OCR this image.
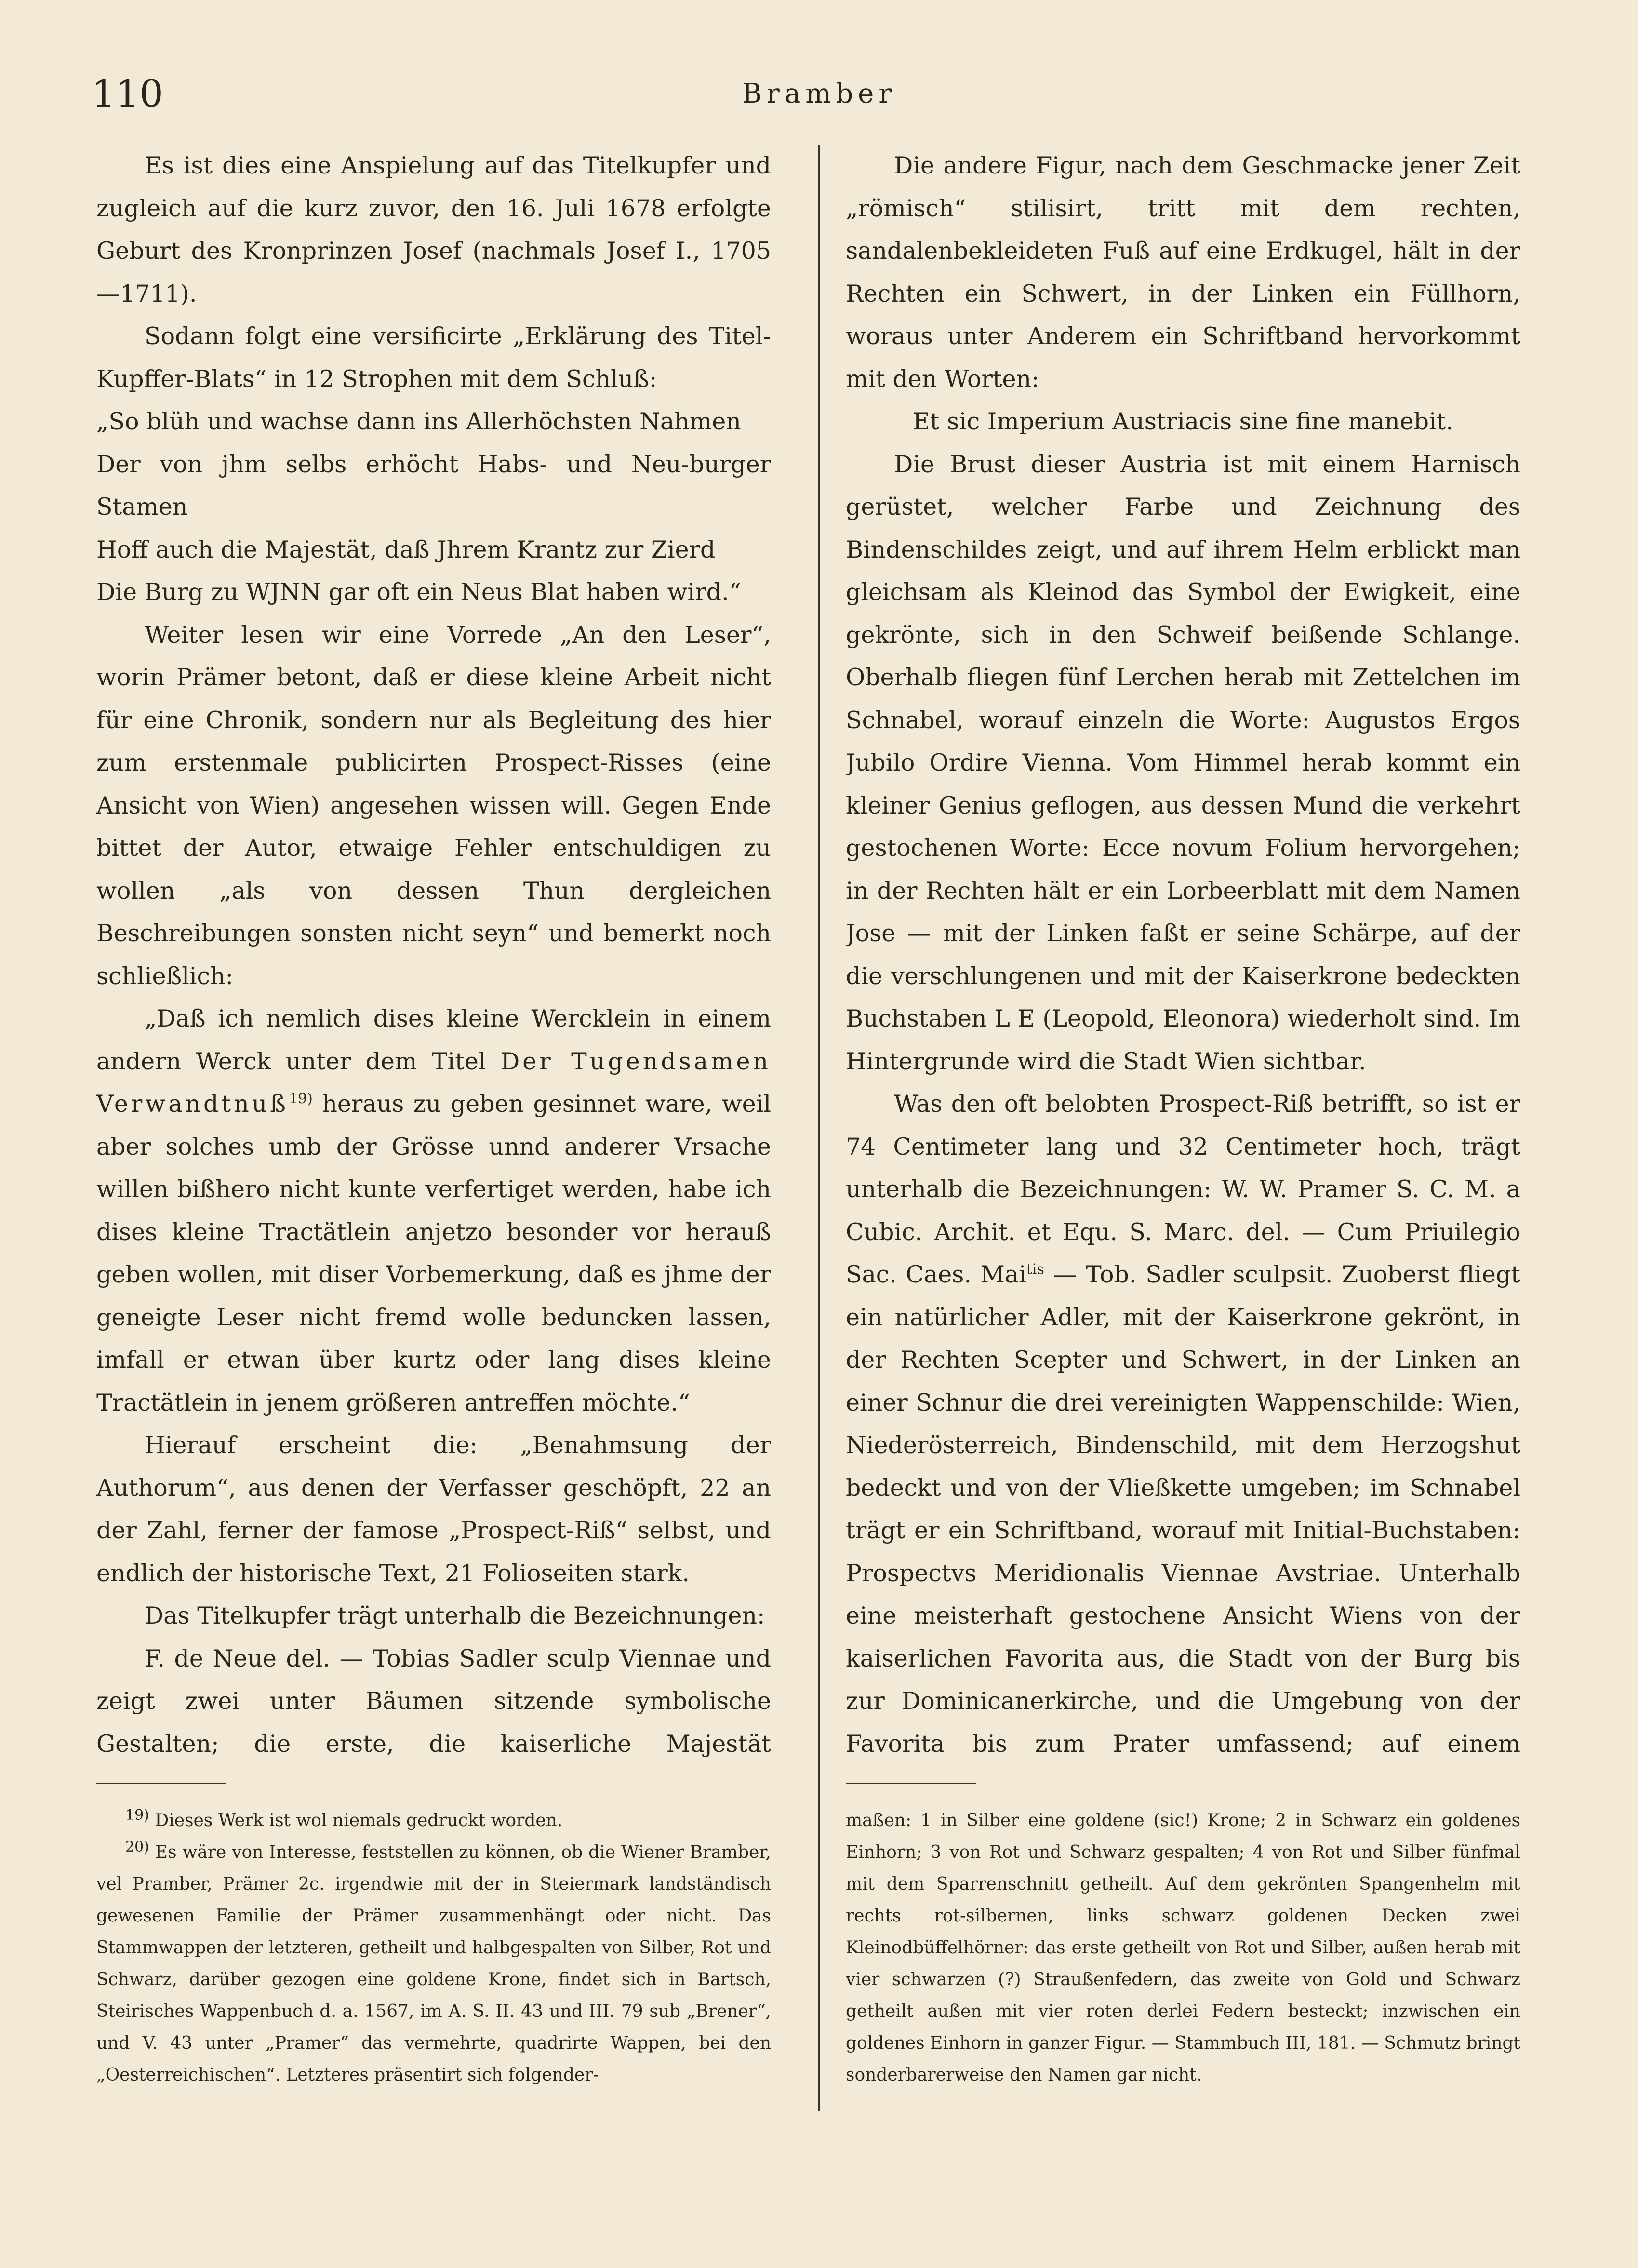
110	Bramber

Es ist dies eine Anspielung auf das Titelkupfer und zugleich auf die kurz zuvor, den 16. Juli 1678 erfolgte Geburt des Kronprinzen Josef (nachmals Josef I., 1705—1711).

Sodann folgt eine versificirte „Erklärung des Titel-Kupffer-Blats“ in 12 Strophen mit dem Schluß:

„So blüh und wachse dann ins Allerhöchsten Nahmen

Der von jhm selbs erhöcht Habs- und Neu-burger Stamen

Hoff auch die Majestät, daß Jhrem Krantz zur Zierd

Die Burg zu WJNN gar oft ein Neus Blat haben wird.“

Weiter lesen wir eine Vorrede „An den Leser“, worin Prämer betont, daß er diese kleine Arbeit nicht für eine Chronik, sondern nur als Begleitung des hier zum erstenmale publicirten Prospect-Risses (eine Ansicht von Wien) angesehen wissen will. Gegen Ende bittet der Autor, etwaige Fehler entschuldigen zu wollen „als von dessen Thun dergleichen Beschreibungen sonsten nicht seyn“ und bemerkt noch schließlich:

„Daß ich nemlich dises kleine Wercklein in einem andern Werck unter dem Titel Der Tugendsamen Verwandtnuß$^{19)}$ heraus zu geben gesinnet ware, weil aber solches umb der Grösse unnd anderer Vrsache willen bißhero nicht kunte verfertiget werden, habe ich dises kleine Tractätlein anjetzo besonder vor herauß geben wollen, mit diser Vorbemerkung, daß es jhme der geneigte Leser nicht fremd wolle beduncken lassen, imfall er etwan über kurtz oder lang dises kleine Tractätlein in jenem größeren antreffen möchte.“

Hierauf erscheint die: „Benahmsung der Authorum“, aus denen der Verfasser geschöpft, 22 an der Zahl, ferner der famose „Prospect-Riß“ selbst, und endlich der historische Text, 21 Folioseiten stark.

Das Titelkupfer trägt unterhalb die Bezeichnungen:

F. de Neue del. — Tobias Sadler sculp Viennae und zeigt zwei unter Bäumen sitzende symbolische Gestalten; die erste, die kaiserliche Majestät

Die andere Figur, nach dem Geschmacke jener Zeit „römisch“ stilisirt, tritt mit dem rechten, sandalenbekleideten Fuß auf eine Erdkugel, hält in der Rechten ein Schwert, in der Linken ein Füllhorn, woraus unter Anderem ein Schriftband hervorkommt mit den Worten:

Et sic Imperium Austriacis sine fine manebit.

Die Brust dieser Austria ist mit einem Harnisch gerüstet, welcher Farbe und Zeichnung des Bindenschildes zeigt, und auf ihrem Helm erblickt man gleichsam als Kleinod das Symbol der Ewigkeit, eine gekrönte, sich in den Schweif beißende Schlange. Oberhalb fliegen fünf Lerchen herab mit Zettelchen im Schnabel, worauf einzeln die Worte: Augustos Ergos Jubilo Ordire Vienna. Vom Himmel herab kommt ein kleiner Genius geflogen, aus dessen Mund die verkehrt gestochenen Worte: Ecce novum Folium hervorgehen; in der Rechten hält er ein Lorbeerblatt mit dem Namen Jose — mit der Linken faßt er seine Schärpe, auf der die verschlungenen und mit der Kaiserkrone bedeckten Buchstaben L E (Leopold, Eleonora) wiederholt sind. Im Hintergrunde wird die Stadt Wien sichtbar.

Was den oft belobten Prospect-Riß betrifft, so ist er 74 Centimeter lang und 32 Centimeter hoch, trägt unterhalb die Bezeichnungen: W. W. Pramer S. C. M. a Cubic. Archit. et Equ. S. Marc. del. — Cum Priuilegio Sac. Caes. Mai$^{tis}$ — Tob. Sadler sculpsit. Zuoberst fliegt ein natürlicher Adler, mit der Kaiserkrone gekrönt, in der Rechten Scepter und Schwert, in der Linken an einer Schnur die drei vereinigten Wappenschilde: Wien, Niederösterreich, Bindenschild, mit dem Herzogshut bedeckt und von der Vließkette umgeben; im Schnabel trägt er ein Schriftband, worauf mit Initial-Buchstaben: Prospectvs Meridionalis Viennae Avstriae. Unterhalb eine meisterhaft gestochene Ansicht Wiens von der kaiserlichen Favorita aus, die Stadt von der Burg bis zur Dominicanerkirche, und die Umgebung von der Favorita bis zum Prater umfassend; auf einem

$^{19)}$ Dieses Werk ist wol niemals gedruckt worden.

$^{20)}$ Es wäre von Interesse, feststellen zu können, ob die Wiener Bramber, vel Pramber, Prämer 2c. irgendwie mit der in Steiermark landständisch gewesenen Familie der Prämer zusammenhängt oder nicht. Das Stammwappen der letzteren, getheilt und halbgespalten von Silber, Rot und Schwarz, darüber gezogen eine goldene Krone, findet sich in Bartsch, Steirisches Wappenbuch d. a. 1567, im A. S. II. 43 und III. 79 sub „Brener“, und V. 43 unter „Pramer“ das vermehrte, quadrirte Wappen, bei den „Oesterreichischen“. Letzteres präsentirt sich folgender-

maßen: 1 in Silber eine goldene (sic!) Krone; 2 in Schwarz ein goldenes Einhorn; 3 von Rot und Schwarz gespalten; 4 von Rot und Silber fünfmal mit dem Sparrenschnitt getheilt. Auf dem gekrönten Spangenhelm mit rechts rot-silbernen, links schwarz goldenen Decken zwei Kleinodbüffelhörner: das erste getheilt von Rot und Silber, außen herab mit vier schwarzen (?) Straußenfedern, das zweite von Gold und Schwarz getheilt außen mit vier roten derlei Federn besteckt; inzwischen ein goldenes Einhorn in ganzer Figur. — Stammbuch III, 181. — Schmutz bringt sonderbarerweise den Namen gar nicht.
